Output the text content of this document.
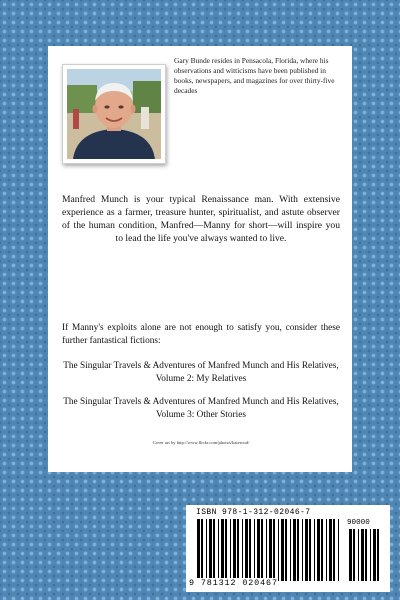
Gary Bunde resides in Pensacola, Florida, where his observations and witticisms have been published in books, newspapers, and magazines for over thirty-five decades
Manfred Munch is your typical Renaissance man. With extensive experience as a farmer, treasure hunter, spiritualist, and astute observer of the human condition, Manfred—Manny for short—will inspire you to lead the life you've always wanted to live.
If Manny's exploits alone are not enough to satisfy you, consider these further fantastical fictions:
The Singular Travels & Adventures of Manfred Munch and His Relatives, Volume 2: My Relatives
The Singular Travels & Adventures of Manfred Munch and His Relatives, Volume 3: Other Stories
Cover art by http://www.flickr.com/photos/katerood/
ISBN 978-1-312-02046-7
90000
9 781312 020467
